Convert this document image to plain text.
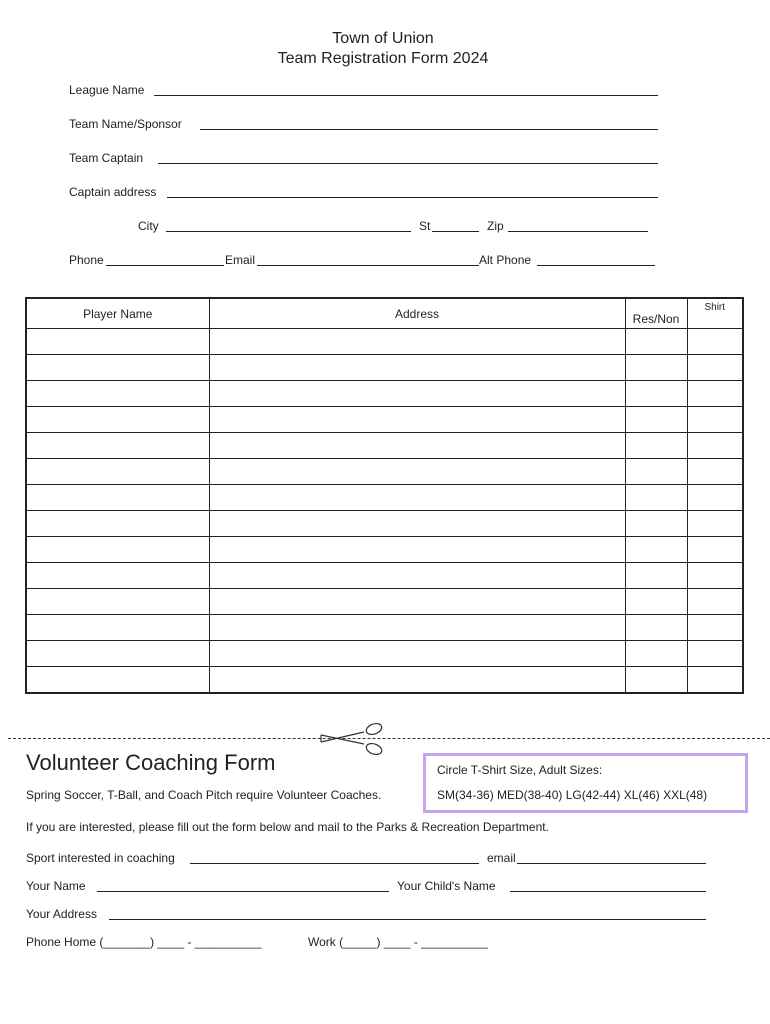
Town of Union
Team Registration Form 2024
League Name
Team Name/Sponsor
Team Captain
Captain address
City	St	Zip
Phone	Email	Alt Phone
Player Name	Address	Res/Non	Shirt

Volunteer Coaching Form
Spring Soccer, T-Ball, and Coach Pitch require Volunteer Coaches.
Circle T-Shirt Size, Adult Sizes:
SM(34-36) MED(38-40) LG(42-44) XL(46) XXL(48)
If you are interested, please fill out the form below and mail to the Parks & Recreation Department.
Sport interested in coaching	email
Your Name	Your Child's Name
Your Address
Phone Home (_______) ____ - __________	Work (_____) ____ - __________
